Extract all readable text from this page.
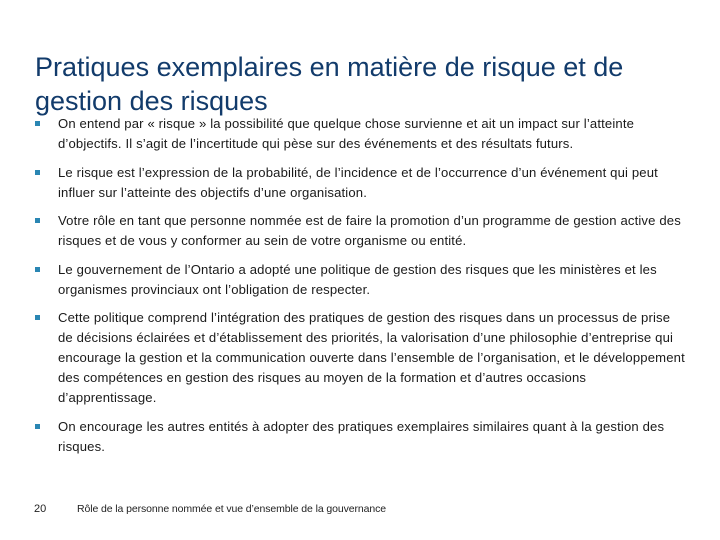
Pratiques exemplaires en matière de risque et de gestion des risques
On entend par « risque » la possibilité que quelque chose survienne et ait un impact sur l’atteinte d’objectifs. Il s’agit de l’incertitude qui pèse sur des événements et des résultats futurs.
Le risque est l’expression de la probabilité, de l’incidence et de l’occurrence d’un événement qui peut influer sur l’atteinte des objectifs d’une organisation.
Votre rôle en tant que personne nommée est de faire la promotion d’un programme de gestion active des risques et de vous y conformer au sein de votre organisme ou entité.
Le gouvernement de l’Ontario a adopté une politique de gestion des risques que les ministères et les organismes provinciaux ont l’obligation de respecter.
Cette politique comprend l’intégration des pratiques de gestion des risques dans un processus de prise de décisions éclairées et d’établissement des priorités, la valorisation d’une philosophie d’entreprise qui encourage la gestion et la communication ouverte dans l’ensemble de l’organisation, et le développement des compétences en gestion des risques au moyen de la formation et d’autres occasions d’apprentissage.
On encourage les autres entités à adopter des pratiques exemplaires similaires quant à la gestion des risques.
20	Rôle de la personne nommée et vue d’ensemble de la gouvernance
